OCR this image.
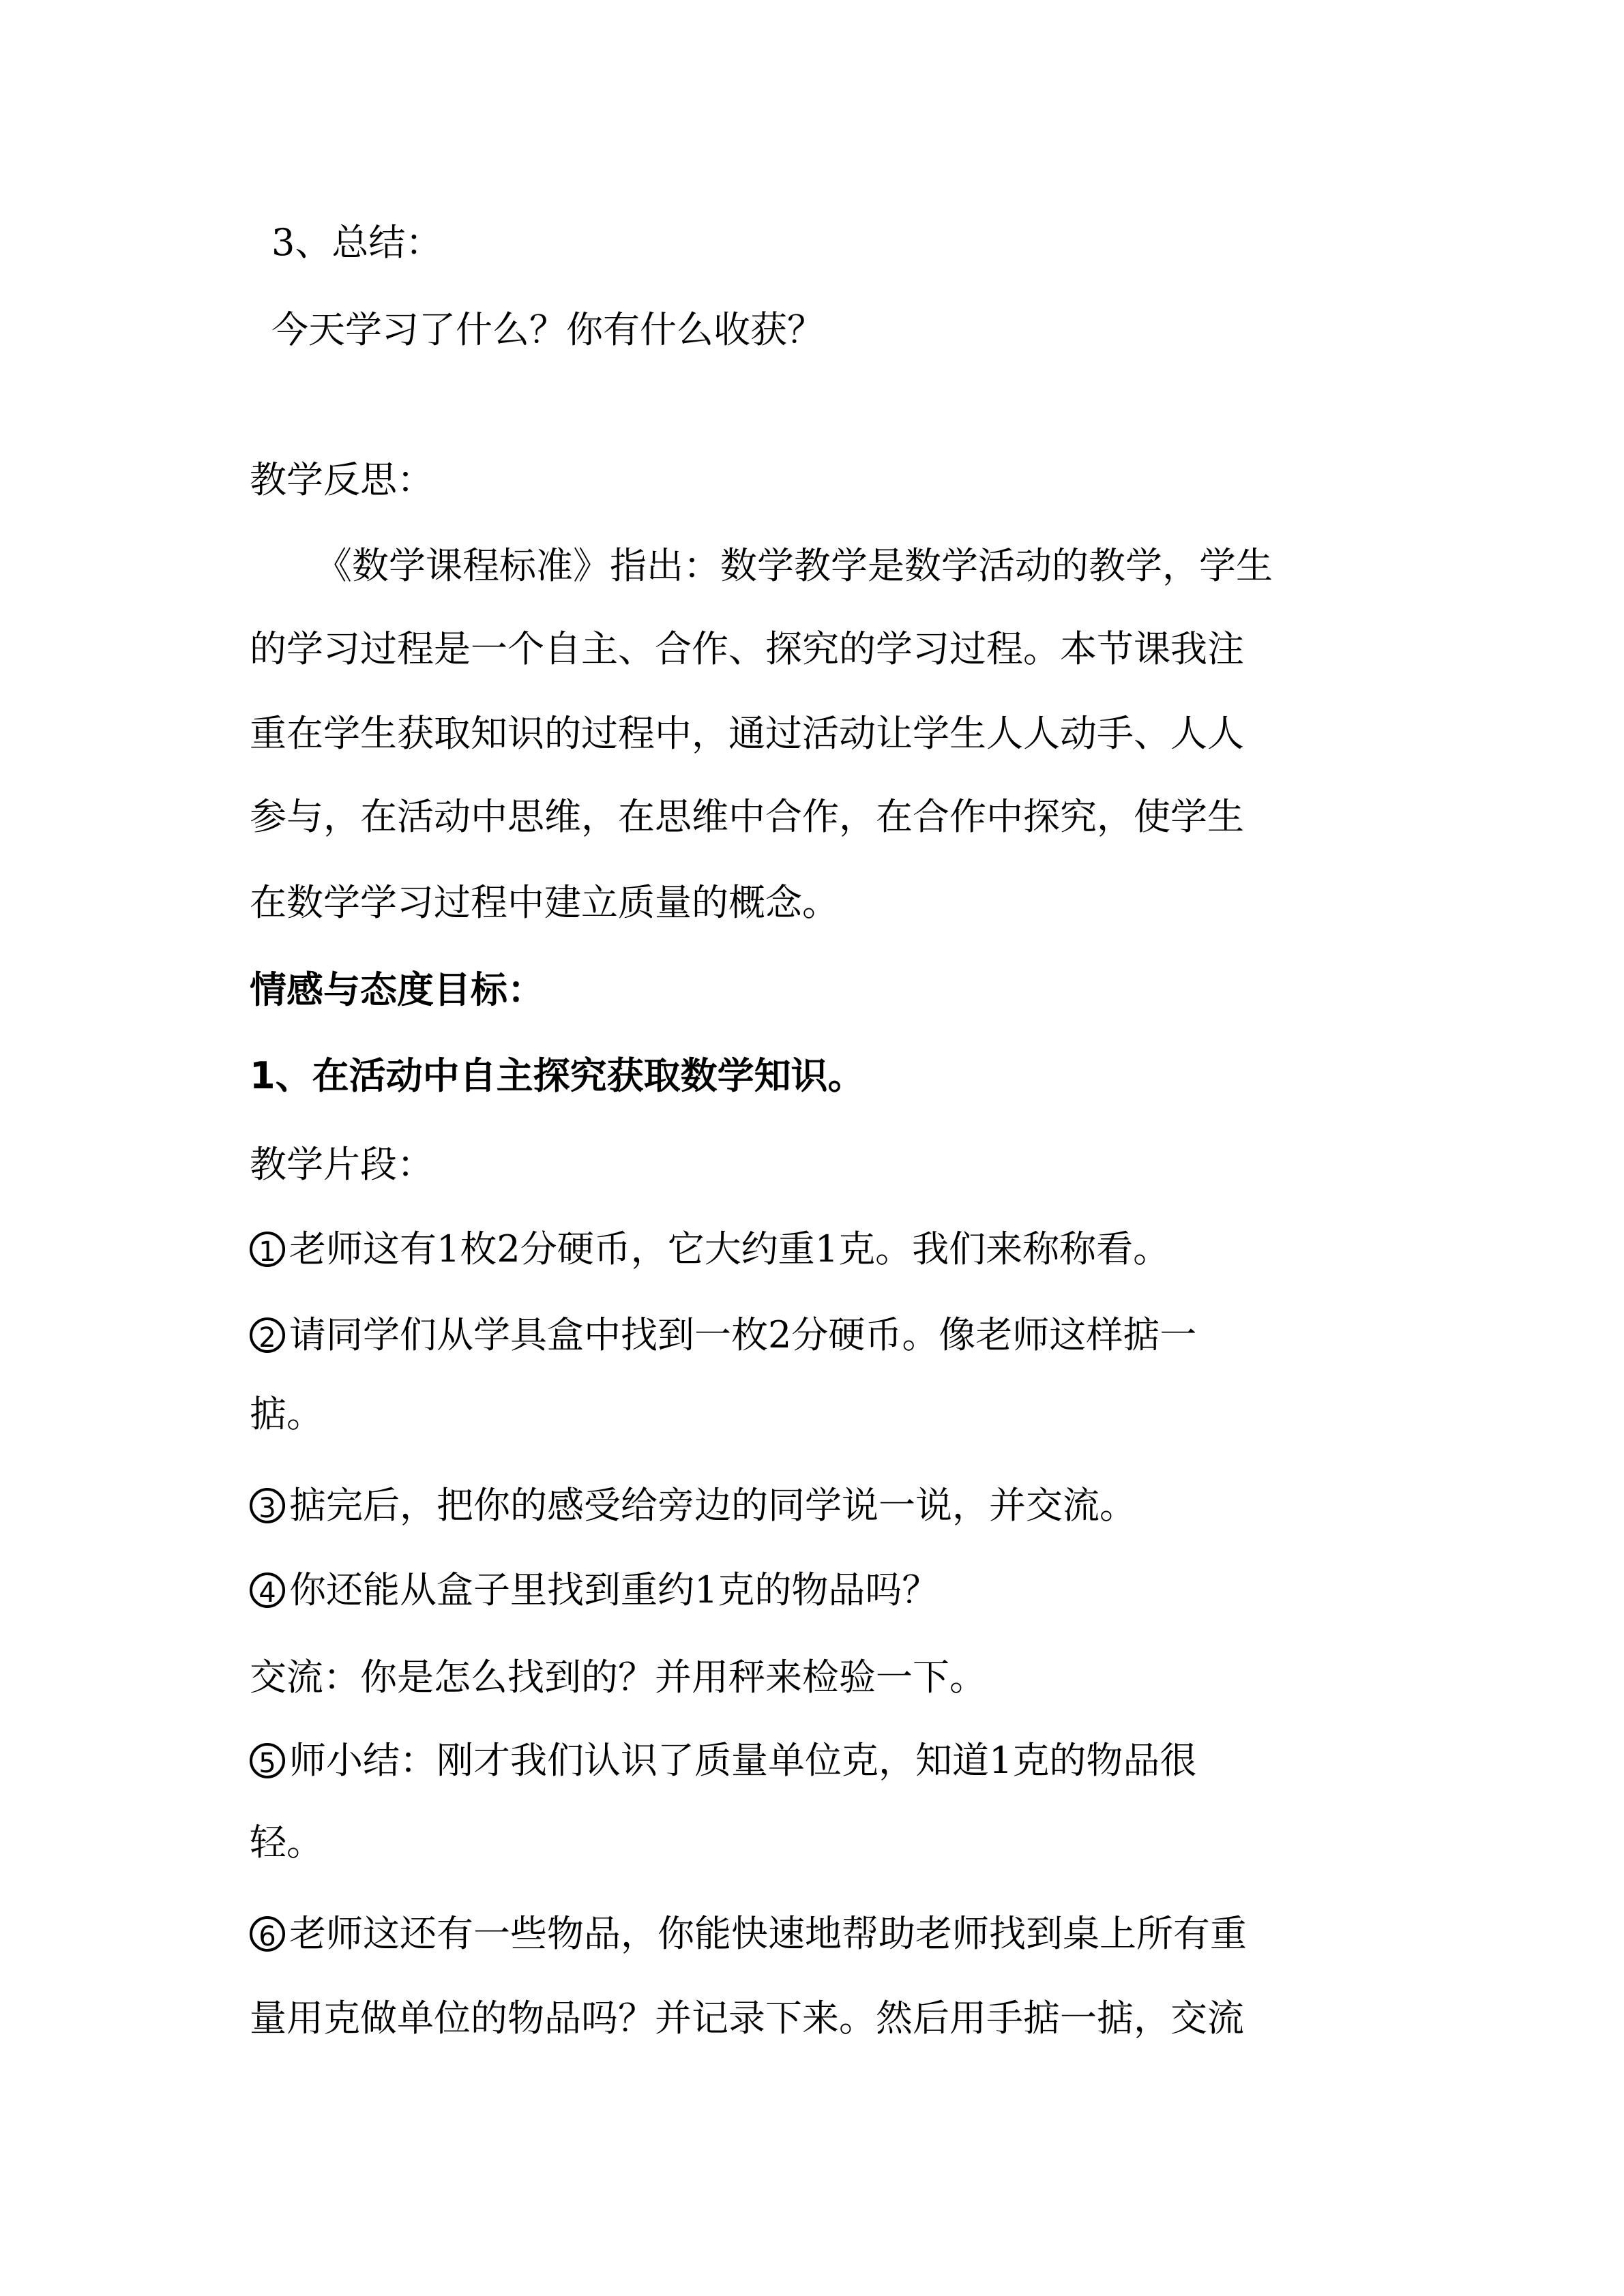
3、总结：

今天学习了什么？你有什么收获？

教学反思：

《数学课程标准》指出：数学教学是数学活动的教学，学生

的学习过程是一个自主、合作、探究的学习过程。本节课我注

重在学生获取知识的过程中，通过活动让学生人人动手、人人

参与，在活动中思维，在思维中合作，在合作中探究，使学生

在数学学习过程中建立质量的概念。

情感与态度目标：

1、在活动中自主探究获取数学知识。

教学片段：

1 老师这有1枚2分硬币，它大约重1克。我们来称称看。

2 请同学们从学具盒中找到一枚2分硬币。像老师这样掂一

掂。

3 掂完后，把你的感受给旁边的同学说一说，并交流。

4 你还能从盒子里找到重约1克的物品吗？

交流：你是怎么找到的？并用秤来检验一下。

5 师小结：刚才我们认识了质量单位克，知道1克的物品很

轻。

6 老师这还有一些物品，你能快速地帮助老师找到桌上所有重

量用克做单位的物品吗？并记录下来。然后用手掂一掂，交流
